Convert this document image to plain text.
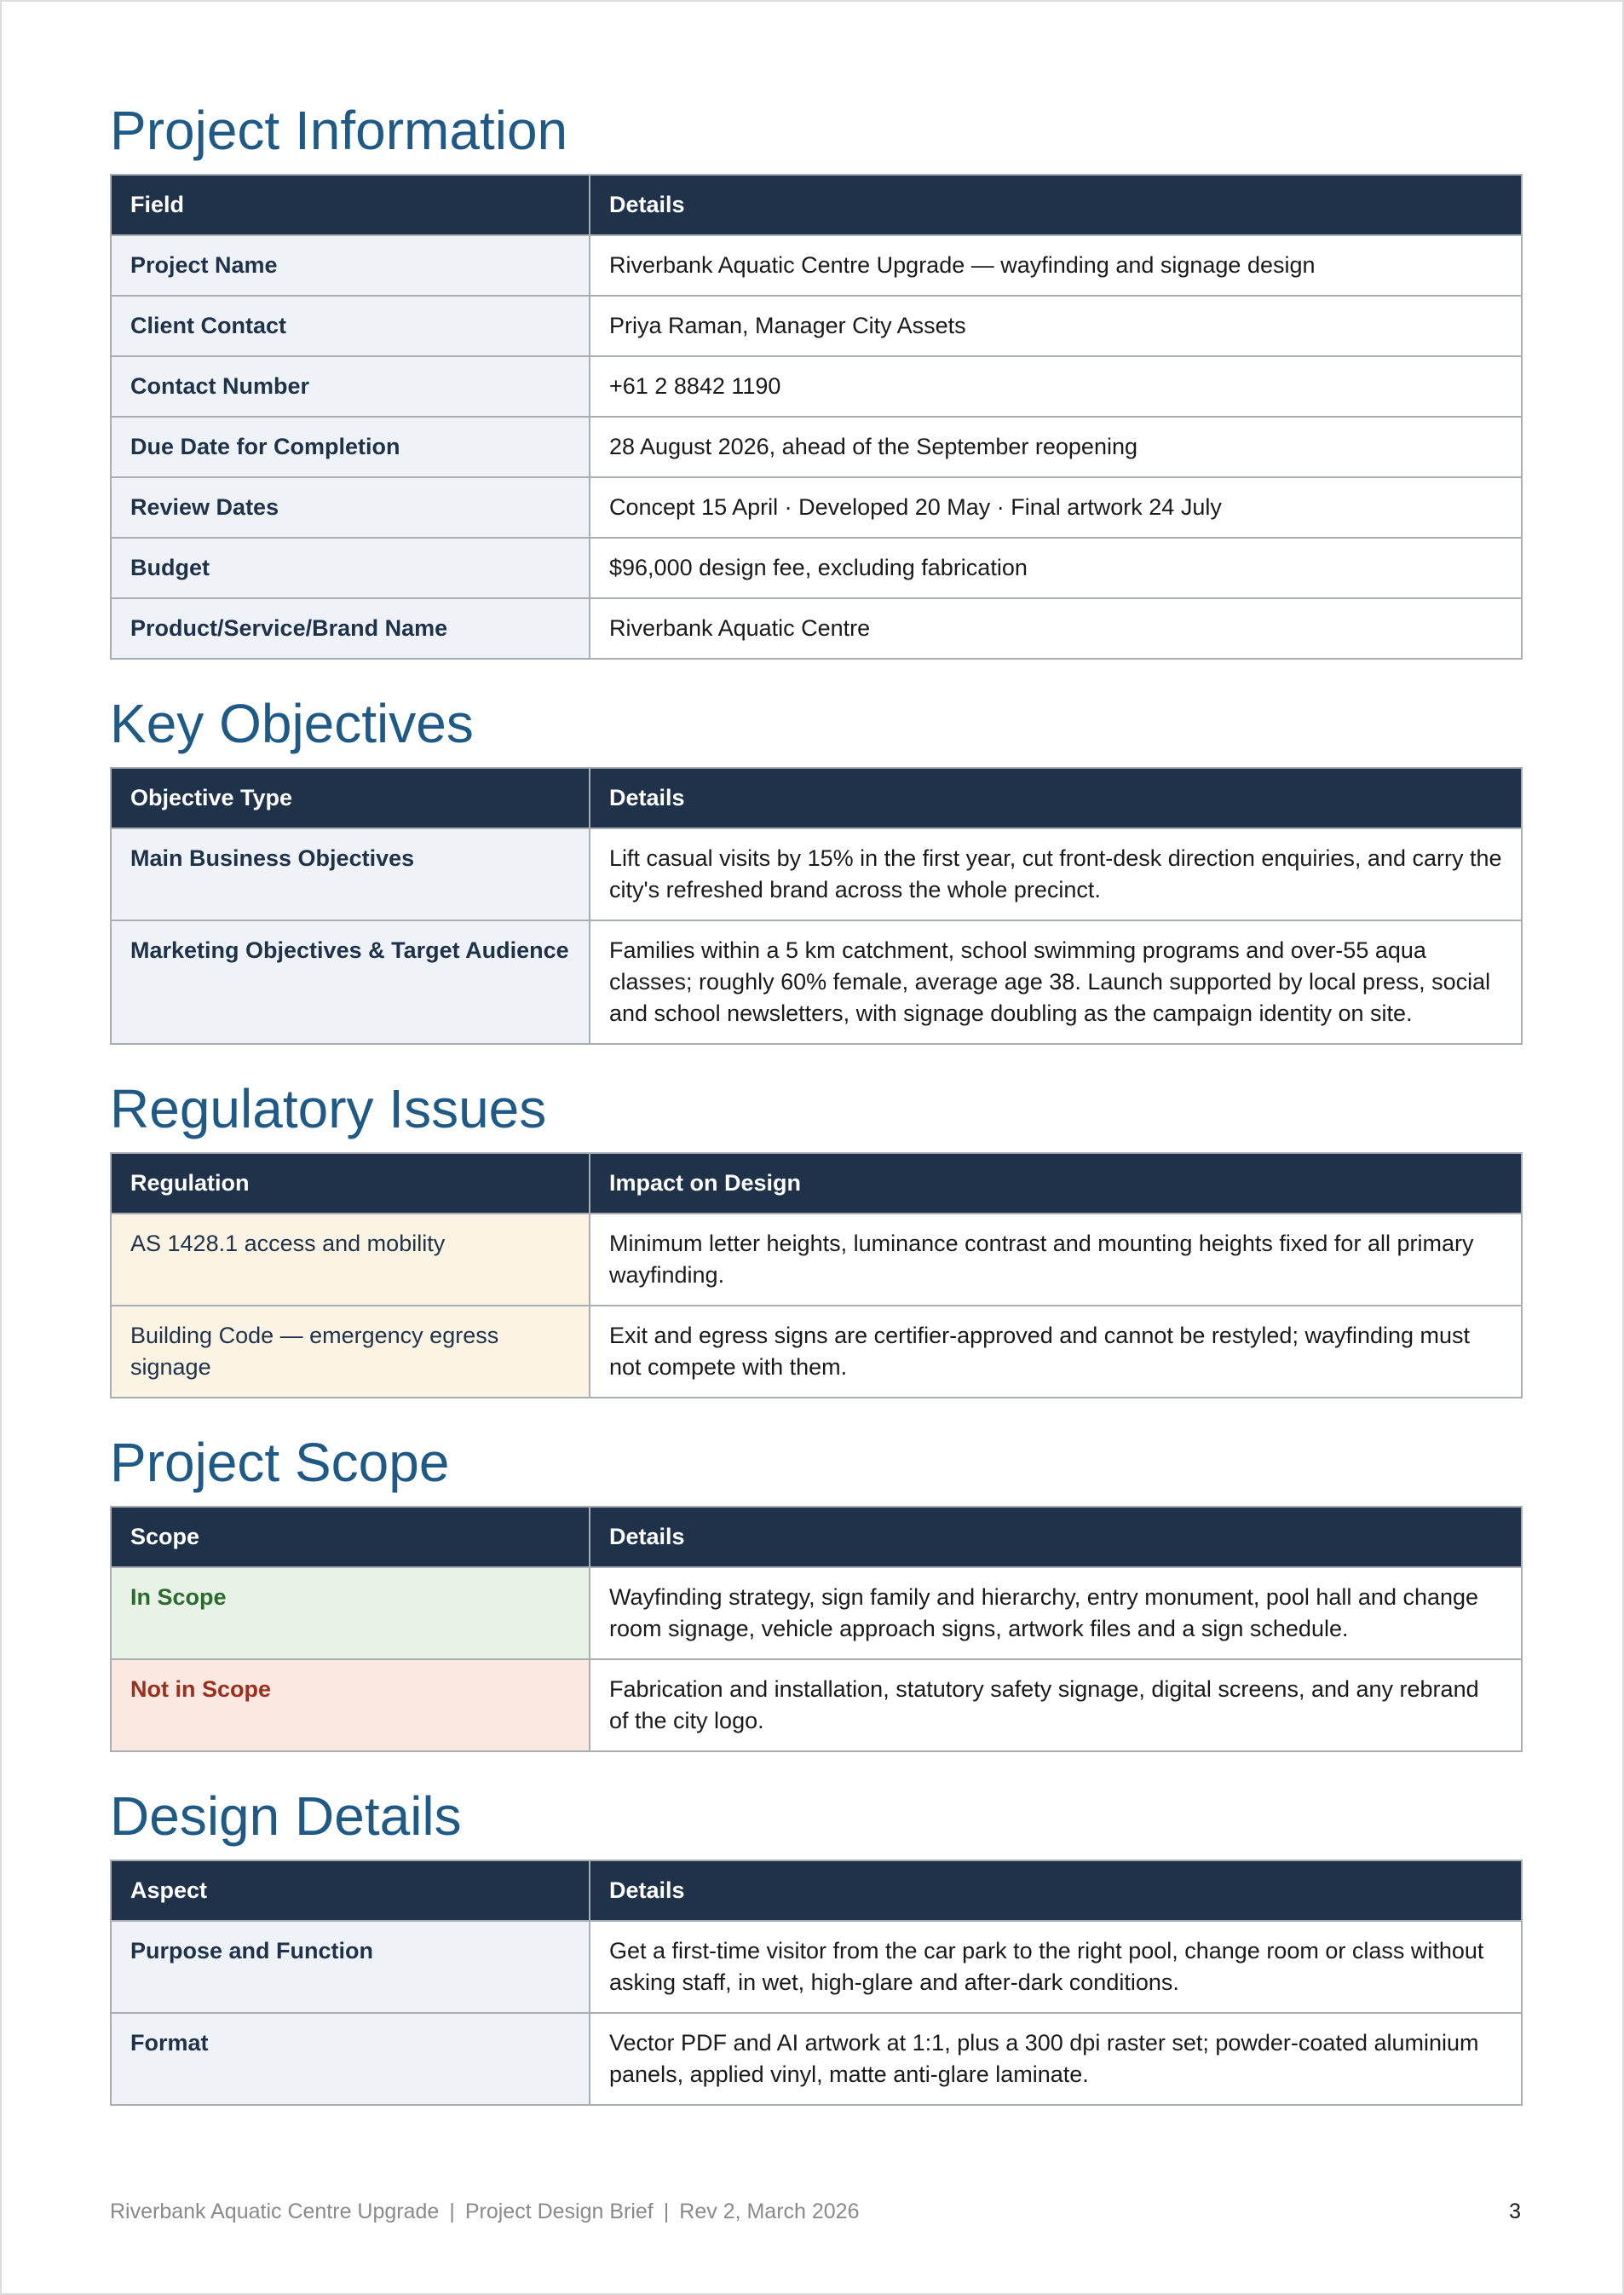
Project Information
Field	Details
Project Name	Riverbank Aquatic Centre Upgrade — wayfinding and signage design
Client Contact	Priya Raman, Manager City Assets
Contact Number	+61 2 8842 1190
Due Date for Completion	28 August 2026, ahead of the September reopening
Review Dates	Concept 15 April · Developed 20 May · Final artwork 24 July
Budget	$96,000 design fee, excluding fabrication
Product/Service/Brand Name	Riverbank Aquatic Centre
Key Objectives
Objective Type	Details
Main Business Objectives	Lift casual visits by 15% in the first year, cut front-desk direction enquiries, and carry the city's refreshed brand across the whole precinct.
Marketing Objectives & Target Audience	Families within a 5 km catchment, school swimming programs and over-55 aqua classes; roughly 60% female, average age 38. Launch supported by local press, social and school newsletters, with signage doubling as the campaign identity on site.
Regulatory Issues
Regulation	Impact on Design
AS 1428.1 access and mobility	Minimum letter heights, luminance contrast and mounting heights fixed for all primary wayfinding.
Building Code — emergency egress signage	Exit and egress signs are certifier-approved and cannot be restyled; wayfinding must not compete with them.
Project Scope
Scope	Details
In Scope	Wayfinding strategy, sign family and hierarchy, entry monument, pool hall and change room signage, vehicle approach signs, artwork files and a sign schedule.
Not in Scope	Fabrication and installation, statutory safety signage, digital screens, and any rebrand of the city logo.
Design Details
Aspect	Details
Purpose and Function	Get a first-time visitor from the car park to the right pool, change room or class without asking staff, in wet, high-glare and after-dark conditions.
Format	Vector PDF and AI artwork at 1:1, plus a 300 dpi raster set; powder-coated aluminium panels, applied vinyl, matte anti-glare laminate.
Riverbank Aquatic Centre Upgrade | Project Design Brief | Rev 2, March 2026	3
